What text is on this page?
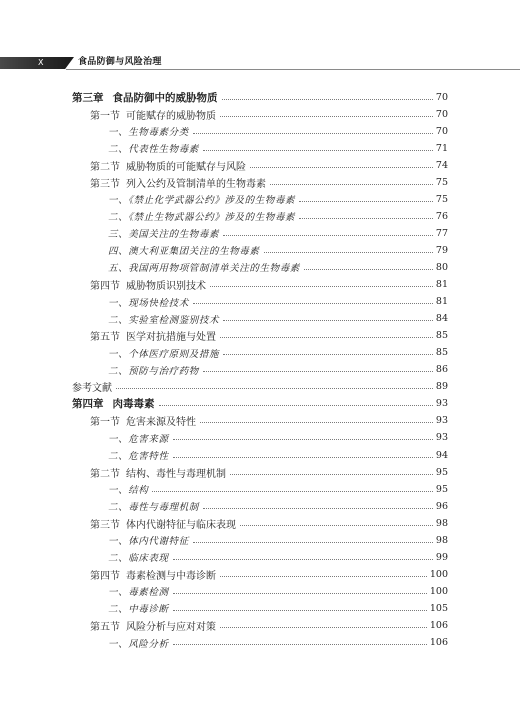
X	食品防御与风险治理
第三章 食品防御中的威胁物质	70
第一节 可能赋存的威胁物质	70
一、生物毒素分类	70
二、代表性生物毒素	71
第二节 威胁物质的可能赋存与风险	74
第三节 列入公约及管制清单的生物毒素	75
一、《禁止化学武器公约》涉及的生物毒素	75
二、《禁止生物武器公约》涉及的生物毒素	76
三、美国关注的生物毒素	77
四、澳大利亚集团关注的生物毒素	79
五、我国两用物项管制清单关注的生物毒素	80
第四节 威胁物质识别技术	81
一、现场快检技术	81
二、实验室检测鉴别技术	84
第五节 医学对抗措施与处置	85
一、个体医疗原则及措施	85
二、预防与治疗药物	86
参考文献	89
第四章 肉毒毒素	93
第一节 危害来源及特性	93
一、危害来源	93
二、危害特性	94
第二节 结构、毒性与毒理机制	95
一、结构	95
二、毒性与毒理机制	96
第三节 体内代谢特征与临床表现	98
一、体内代谢特征	98
二、临床表现	99
第四节 毒素检测与中毒诊断	100
一、毒素检测	100
二、中毒诊断	105
第五节 风险分析与应对对策	106
一、风险分析	106
